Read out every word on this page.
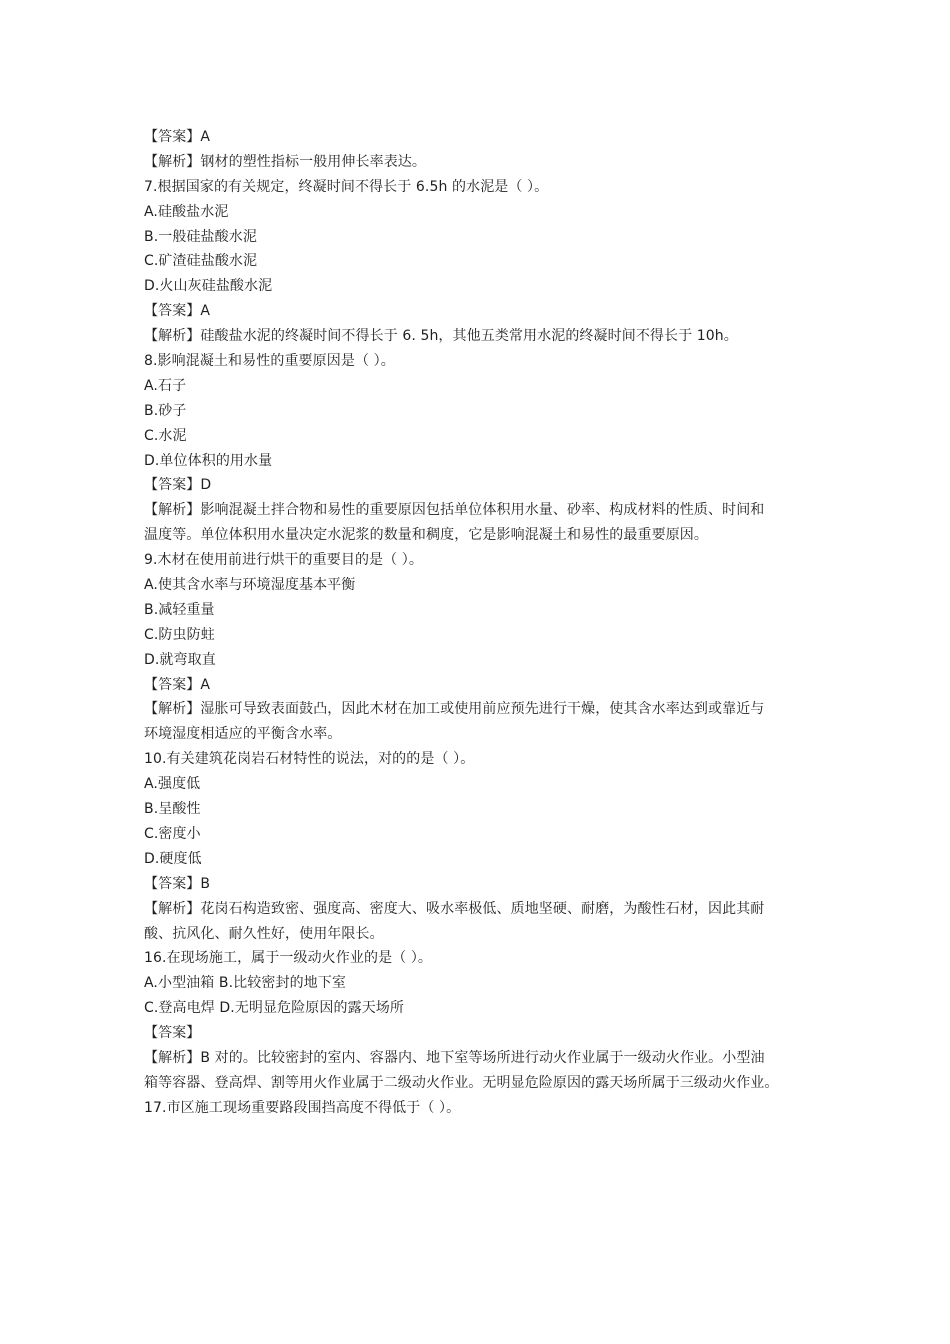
【答案】A
【解析】钢材的塑性指标一般用伸长率表达。
7.根据国家的有关规定，终凝时间不得长于 6.5h 的水泥是（ ）。
A.硅酸盐水泥
B.一般硅盐酸水泥
C.矿渣硅盐酸水泥
D.火山灰硅盐酸水泥
【答案】A
【解析】硅酸盐水泥的终凝时间不得长于 6. 5h，其他五类常用水泥的终凝时间不得长于 10h。
8.影响混凝土和易性的重要原因是（ ）。
A.石子
B.砂子
C.水泥
D.单位体积的用水量
【答案】D
【解析】影响混凝土拌合物和易性的重要原因包括单位体积用水量、砂率、构成材料的性质、时间和
温度等。单位体积用水量决定水泥浆的数量和稠度，它是影响混凝土和易性的最重要原因。
9.木材在使用前进行烘干的重要目的是（ ）。
A.使其含水率与环境湿度基本平衡
B.减轻重量
C.防虫防蛀
D.就弯取直
【答案】A
【解析】湿胀可导致表面鼓凸，因此木材在加工或使用前应预先进行干燥，使其含水率达到或靠近与
环境湿度相适应的平衡含水率。
10.有关建筑花岗岩石材特性的说法，对的的是（ ）。
A.强度低
B.呈酸性
C.密度小
D.硬度低
【答案】B
【解析】花岗石构造致密、强度高、密度大、吸水率极低、质地坚硬、耐磨，为酸性石材，因此其耐
酸、抗风化、耐久性好，使用年限长。
16.在现场施工，属于一级动火作业的是（ ）。
A.小型油箱 B.比较密封的地下室
C.登高电焊 D.无明显危险原因的露天场所
【答案】
【解析】B 对的。比较密封的室内、容器内、地下室等场所进行动火作业属于一级动火作业。小型油
箱等容器、登高焊、割等用火作业属于二级动火作业。无明显危险原因的露天场所属于三级动火作业。
17.市区施工现场重要路段围挡高度不得低于（ ）。
